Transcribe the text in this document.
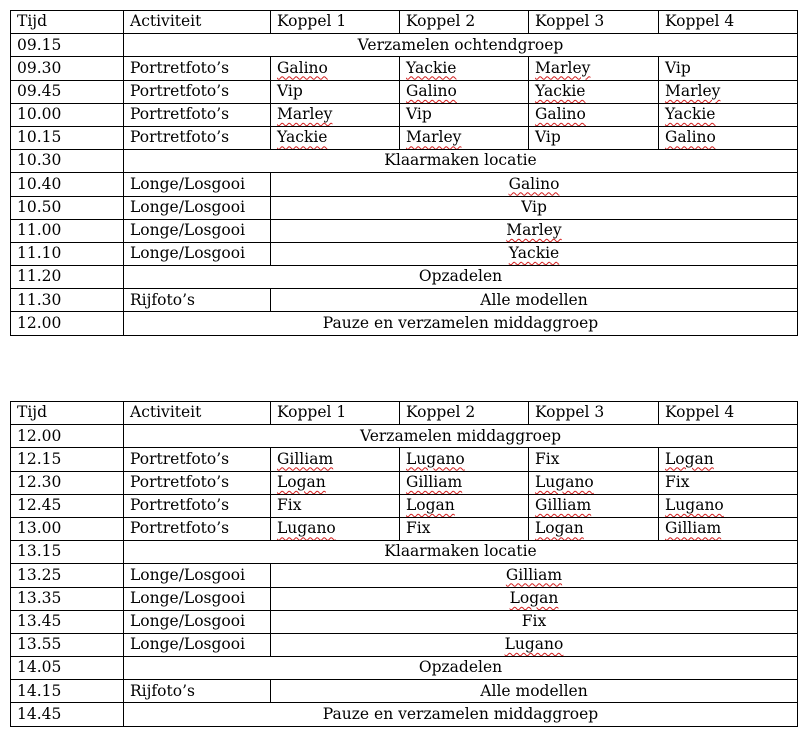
Tijd	Activiteit	Koppel 1	Koppel 2	Koppel 3	Koppel 4
09.15	Verzamelen ochtendgroep				
09.30	Portretfoto’s	Galino	Yackie	Marley	Vip
09.45	Portretfoto’s	Vip	Galino	Yackie	Marley
10.00	Portretfoto’s	Marley	Vip	Galino	Yackie
10.15	Portretfoto’s	Yackie	Marley	Vip	Galino
10.30	Klaarmaken locatie				
10.40	Longe/Losgooi	Galino			
10.50	Longe/Losgooi	Vip			
11.00	Longe/Losgooi	Marley			
11.10	Longe/Losgooi	Yackie			
11.20	Opzadelen				
11.30	Rijfoto’s	Alle modellen			
12.00	Pauze en verzamelen middaggroep				
Tijd	Activiteit	Koppel 1	Koppel 2	Koppel 3	Koppel 4
12.00	Verzamelen middaggroep				
12.15	Portretfoto’s	Gilliam	Lugano	Fix	Logan
12.30	Portretfoto’s	Logan	Gilliam	Lugano	Fix
12.45	Portretfoto’s	Fix	Logan	Gilliam	Lugano
13.00	Portretfoto’s	Lugano	Fix	Logan	Gilliam
13.15	Klaarmaken locatie				
13.25	Longe/Losgooi	Gilliam			
13.35	Longe/Losgooi	Logan			
13.45	Longe/Losgooi	Fix			
13.55	Longe/Losgooi	Lugano			
14.05	Opzadelen				
14.15	Rijfoto’s	Alle modellen			
14.45	Pauze en verzamelen middaggroep				
